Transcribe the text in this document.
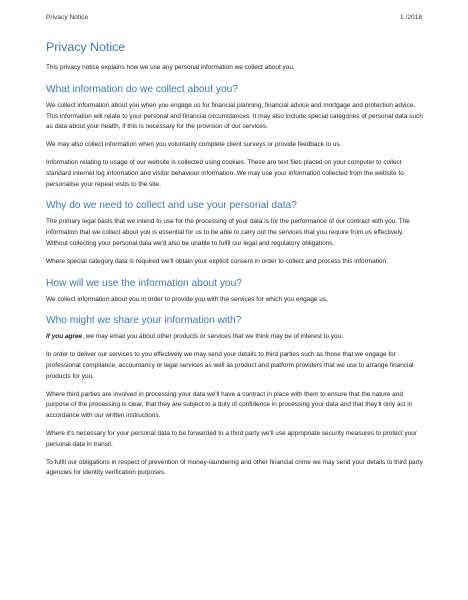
Privacy Notice	1 /2018
Privacy Notice

This privacy notice explains how we use any personal information we collect about you.

What information do we collect about you?

We collect information about you when you engage us for financial planning, financial advice and mortgage and protection advice. This information will relate to your personal and financial circumstances. It may also include special categories of personal data such as data about your health, if this is necessary for the provision of our services.

We may also collect information when you voluntarily complete client surveys or provide feedback to us.

Information relating to usage of our website is collected using cookies. These are text files placed on your computer to collect standard internet log information and visitor behaviour information. We may use your information collected from the website to personalise your repeat visits to the site.

Why do we need to collect and use your personal data?

The primary legal basis that we intend to use for the processing of your data is for the performance of our contract with you. The information that we collect about you is essential for us to be able to carry out the services that you require from us effectively. Without collecting your personal data we'd also be unable to fulfil our legal and regulatory obligations.

Where special category data is required we'll obtain your explicit consent in order to collect and process this information.

How will we use the information about you?

We collect information about you in order to provide you with the services for which you engage us.

Who might we share your information with?

If you agree, we may email you about other products or services that we think may be of interest to you.

In order to deliver our services to you effectively we may send your details to third parties such as those that we engage for professional compliance, accountancy or legal services as well as product and platform providers that we use to arrange financial products for you.

Where third parties are involved in processing your data we'll have a contract in place with them to ensure that the nature and purpose of the processing is clear, that they are subject to a duty of confidence in processing your data and that they'll only act in accordance with our written instructions.

Where it's necessary for your personal data to be forwarded to a third party we'll use appropriate security measures to protect your personal data in transit.

To fulfil our obligations in respect of prevention of money-laundering and other financial crime we may send your details to third party agencies for identity verification purposes.
